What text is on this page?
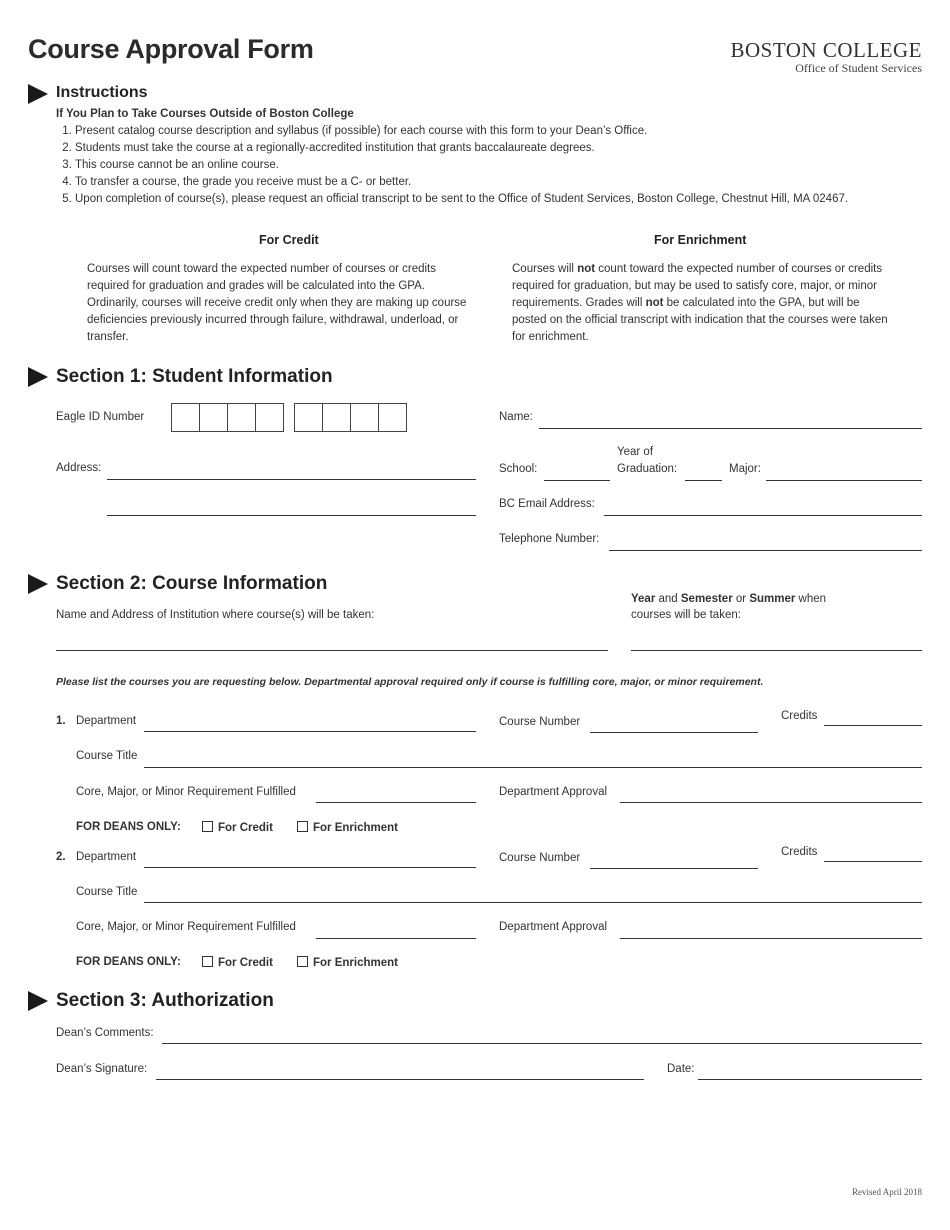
Course Approval Form	BOSTON COLLEGE
Office of Student Services
Instructions
If You Plan to Take Courses Outside of Boston College
1. Present catalog course description and syllabus (if possible) for each course with this form to your Dean’s Office.
2. Students must take the course at a regionally-accredited institution that grants baccalaureate degrees.
3. This course cannot be an online course.
4. To transfer a course, the grade you receive must be a C- or better.
5. Upon completion of course(s), please request an official transcript to be sent to the Office of Student Services, Boston College, Chestnut Hill, MA 02467.
For Credit
Courses will count toward the expected number of courses or credits required for graduation and grades will be calculated into the GPA. Ordinarily, courses will receive credit only when they are making up course deficiencies previously incurred through failure, withdrawal, underload, or transfer.
For Enrichment
Courses will not count toward the expected number of courses or credits required for graduation, but may be used to satisfy core, major, or minor requirements. Grades will not be calculated into the GPA, but will be posted on the official transcript with indication that the courses were taken for enrichment.
Section 1: Student Information
Eagle ID Number	Name:
Address:	School:
Year of
Graduation:	Major:
BC Email Address:
Telephone Number:
Section 2: Course Information
Name and Address of Institution where course(s) will be taken:
Year and Semester or Summer when
courses will be taken:
Please list the courses you are requesting below. Departmental approval required only if course is fulfilling core, major, or minor requirement.
1. Department	Course Number	Credits
Course Title
Core, Major, or Minor Requirement Fulfilled	Department Approval
FOR DEANS ONLY:	For Credit	For Enrichment
2. Department	Course Number	Credits
Course Title
Core, Major, or Minor Requirement Fulfilled	Department Approval
FOR DEANS ONLY:	For Credit	For Enrichment
Section 3: Authorization
Dean’s Comments:
Dean’s Signature:	Date:
Revised April 2018
